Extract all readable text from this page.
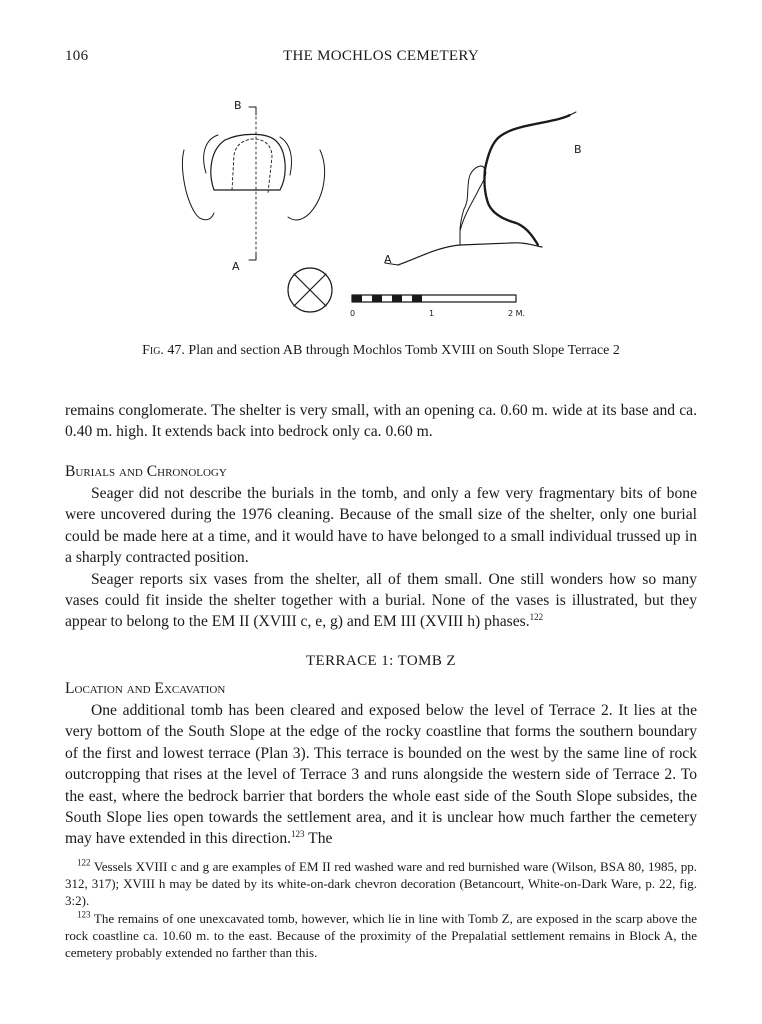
106	THE MOCHLOS CEMETERY
B
A
B
A
0	1	2 M.
Fig. 47. Plan and section AB through Mochlos Tomb XVIII on South Slope Terrace 2

remains conglomerate. The shelter is very small, with an opening ca. 0.60 m. wide at its base and ca. 0.40 m. high. It extends back into bedrock only ca. 0.60 m.

Burials and Chronology

Seager did not describe the burials in the tomb, and only a few very fragmentary bits of bone were uncovered during the 1976 cleaning. Because of the small size of the shelter, only one burial could be made here at a time, and it would have to have belonged to a small individual trussed up in a sharply contracted position.

Seager reports six vases from the shelter, all of them small. One still wonders how so many vases could fit inside the shelter together with a burial. None of the vases is illustrated, but they appear to belong to the EM II (XVIII c, e, g) and EM III (XVIII h) phases.$^{122}$

TERRACE 1: TOMB Z
Location and Excavation

One additional tomb has been cleared and exposed below the level of Terrace 2. It lies at the very bottom of the South Slope at the edge of the rocky coastline that forms the southern boundary of the first and lowest terrace (Plan 3). This terrace is bounded on the west by the same line of rock outcropping that rises at the level of Terrace 3 and runs alongside the western side of Terrace 2. To the east, where the bedrock barrier that borders the whole east side of the South Slope subsides, the South Slope lies open towards the settlement area, and it is unclear how much farther the cemetery may have extended in this direction.$^{123}$ The

$^{122}$ Vessels XVIII c and g are examples of EM II red washed ware and red burnished ware (Wilson, BSA 80, 1985, pp. 312, 317); XVIII h may be dated by its white-on-dark chevron decoration (Betancourt, White-on-Dark Ware, p. 22, fig. 3:2).

$^{123}$ The remains of one unexcavated tomb, however, which lie in line with Tomb Z, are exposed in the scarp above the rock coastline ca. 10.60 m. to the east. Because of the proximity of the Prepalatial settlement remains in Block A, the cemetery probably extended no farther than this.
